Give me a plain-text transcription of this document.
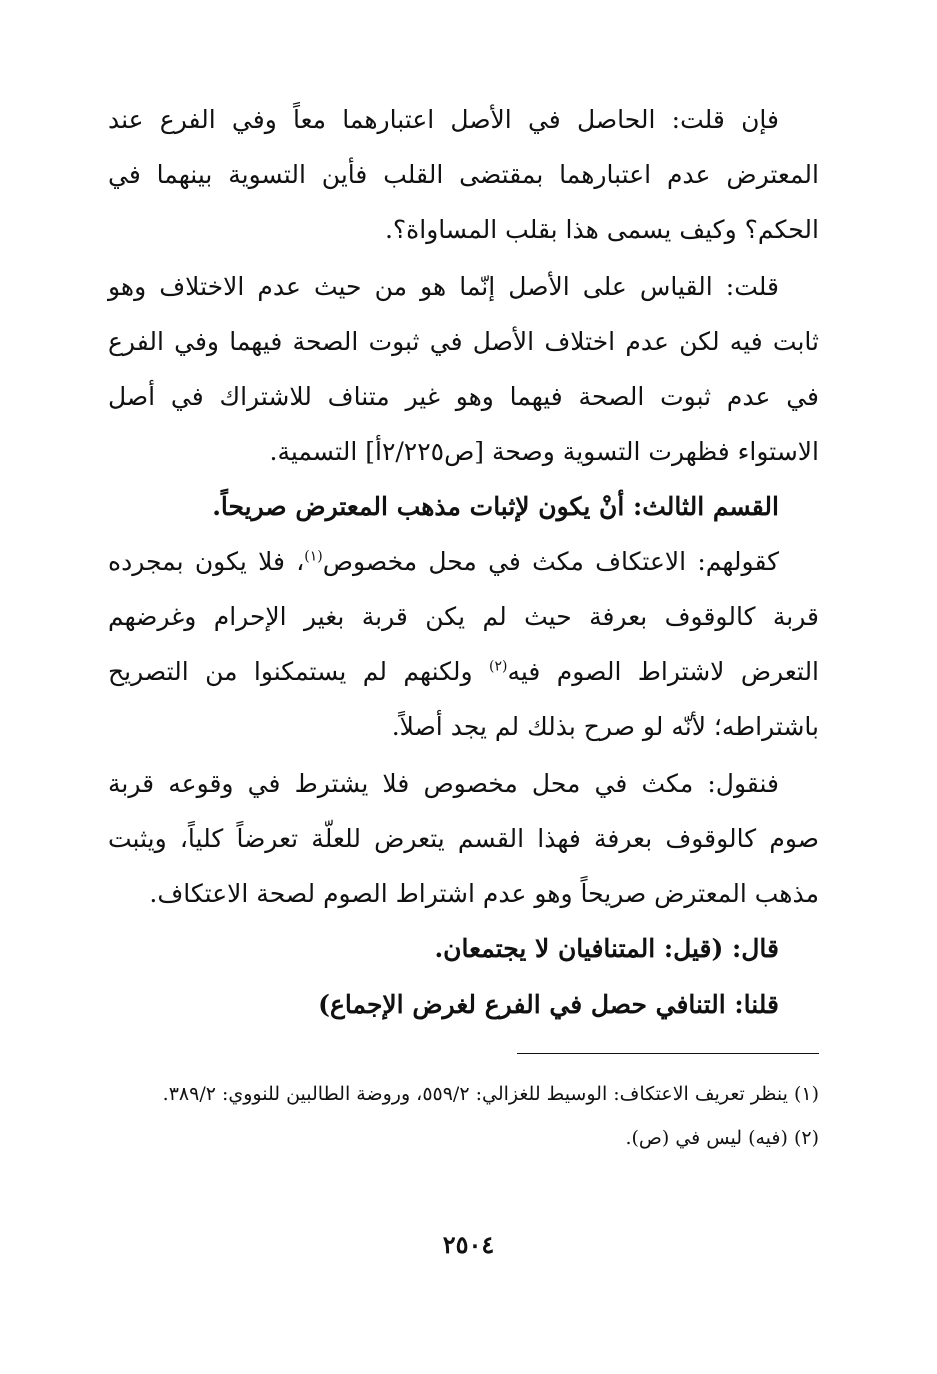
فإن قلت: الحاصل في الأصل اعتبارهما معاً وفي الفرع عند المعترض عدم اعتبارهما بمقتضى القلب فأين التسوية بينهما في الحكم؟ وكيف يسمى هذا بقلب المساواة؟.

قلت: القياس على الأصل إنّما هو من حيث عدم الاختلاف وهو ثابت فيه لكن عدم اختلاف الأصل في ثبوت الصحة فيهما وفي الفرع في عدم ثبوت الصحة فيهما وهو غير متناف للاشتراك في أصل الاستواء فظهرت التسوية وصحة [ص٢/٢٢٥أ] التسمية.

القسم الثالث: أنْ يكون لإثبات مذهب المعترض صريحاً.

كقولهم: الاعتكاف مكث في محل مخصوص$^{(١)}$، فلا يكون بمجرده قربة كالوقوف بعرفة حيث لم يكن قربة بغير الإحرام وغرضهم التعرض لاشتراط الصوم فيه$^{(٢)}$ ولكنهم لم يستمكنوا من التصريح باشتراطه؛ لأنّه لو صرح بذلك لم يجد أصلاً.

فنقول: مكث في محل مخصوص فلا يشترط في وقوعه قربة صوم كالوقوف بعرفة فهذا القسم يتعرض للعلّة تعرضاً كلياً، ويثبت مذهب المعترض صريحاً وهو عدم اشتراط الصوم لصحة الاعتكاف.

قال: (قيل: المتنافيان لا يجتمعان.

قلنا: التنافي حصل في الفرع لغرض الإجماع)

(١) ينظر تعريف الاعتكاف: الوسيط للغزالي: ٥٥٩/٢، وروضة الطالبين للنووي: ٣٨٩/٢.

(٢) (فيه) ليس في (ص).

٢٥٠٤
